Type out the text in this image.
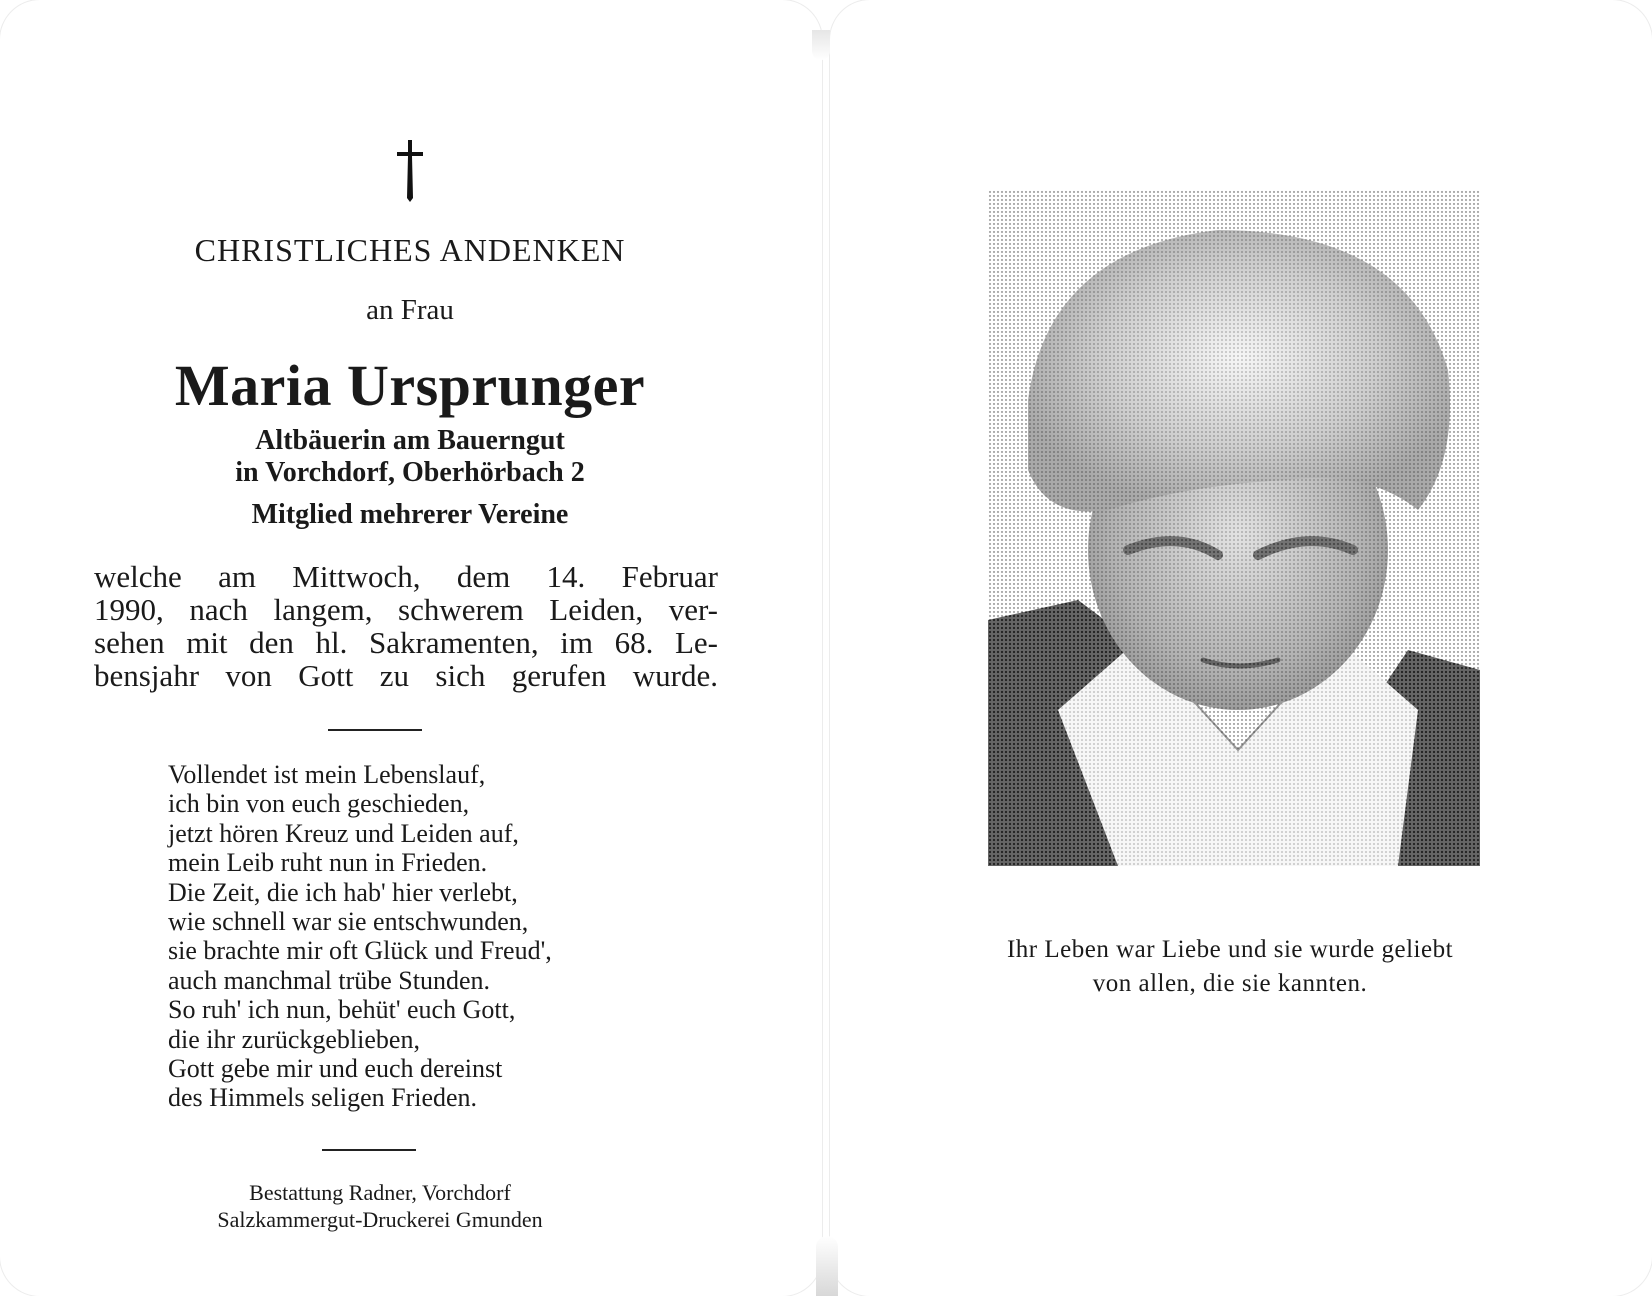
CHRISTLICHES ANDENKEN
an Frau
Maria Ursprunger
Altbäuerin am Bauerngut
in Vorchdorf, Oberhörbach 2
Mitglied mehrerer Vereine
welche am Mittwoch, dem 14. Februar
1990, nach langem, schwerem Leiden, ver-
sehen mit den hl. Sakramenten, im 68. Le-
bensjahr von Gott zu sich gerufen wurde.
Vollendet ist mein Lebenslauf,
ich bin von euch geschieden,
jetzt hören Kreuz und Leiden auf,
mein Leib ruht nun in Frieden.
Die Zeit, die ich hab' hier verlebt,
wie schnell war sie entschwunden,
sie brachte mir oft Glück und Freud',
auch manchmal trübe Stunden.
So ruh' ich nun, behüt' euch Gott,
die ihr zurückgeblieben,
Gott gebe mir und euch dereinst
des Himmels seligen Frieden.
Bestattung Radner, Vorchdorf
Salzkammergut-Druckerei Gmunden
Ihr Leben war Liebe und sie wurde geliebt
von allen, die sie kannten.
